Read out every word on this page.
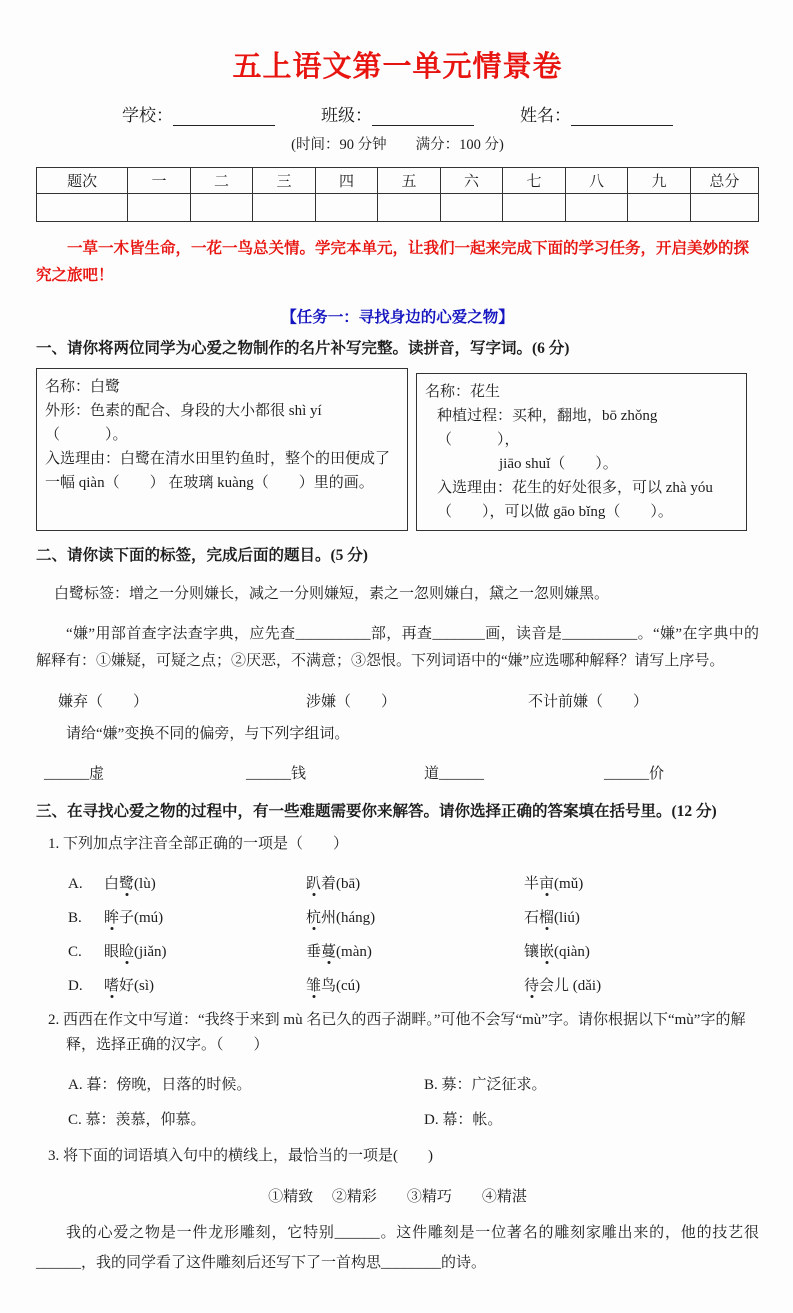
五上语文第一单元情景卷
学校：	班级：	姓名：
(时间：90 分钟　　满分：100 分)
题次	一	二	三	四	五	六	七	八	九	总分

一草一木皆生命，一花一鸟总关情。学完本单元，让我们一起来完成下面的学习任务，开启美妙的探究之旅吧！

【任务一：寻找身边的心爱之物】
一、请你将两位同学为心爱之物制作的名片补写完整。读拼音，写字词。(6 分)

名称：白鹭

外形：色素的配合、身段的大小都很 shì yí（　　　）。

入选理由：白鹭在清水田里钓鱼时，整个的田便成了一幅 qiàn（　　） 在玻璃 kuàng（　　）里的画。

名称：花生

种植过程：买种，翻地，bō zhǒng（　　　），

jiāo shuǐ（　　）。

入选理由：花生的好处很多，可以 zhà yóu（　　），可以做 gāo bǐng（　　）。

二、请你读下面的标签，完成后面的题目。(5 分)

白鹭标签：增之一分则嫌长，减之一分则嫌短，素之一忽则嫌白，黛之一忽则嫌黑。

“嫌”用部首查字法查字典，应先查__________部，再查_______画，读音是__________。“嫌”在字典中的解释有：①嫌疑，可疑之点；②厌恶，不满意；③怨恨。下列词语中的“嫌”应选哪种解释？请写上序号。

嫌弃（　　）	涉嫌（　　）	不计前嫌（　　）

请给“嫌”变换不同的偏旁，与下列字组词。

______虚	______钱	道______	______价
三、在寻找心爱之物的过程中，有一些难题需要你来解答。请你选择正确的答案填在括号里。(12 分)

1. 下列加点字注音全部正确的一项是（　　）

A.	白鹭(lù)	趴着(bā)	半亩(mǔ)
B.	眸子(mú)	杭州(háng)	石榴(liú)
C.	眼睑(jiǎn)	垂蔓(màn)	镶嵌(qiàn)
D.	嗜好(sì)	雏鸟(cú)	待会儿 (dǎi)

2. 西西在作文中写道：“我终于来到 mù 名已久的西子湖畔。”可他不会写“mù”字。请你根据以下“mù”字的解释，选择正确的汉字。（　　）

A. 暮：傍晚，日落的时候。	B. 募：广泛征求。
C. 慕：羡慕，仰慕。	D. 幕：帐。

3. 将下面的词语填入句中的横线上，最恰当的一项是(　　)

①精致　 ②精彩　　③精巧　　④精湛

我的心爱之物是一件龙形雕刻，它特别______。这件雕刻是一位著名的雕刻家雕出来的，他的技艺很______，我的同学看了这件雕刻后还写下了一首构思________的诗。
